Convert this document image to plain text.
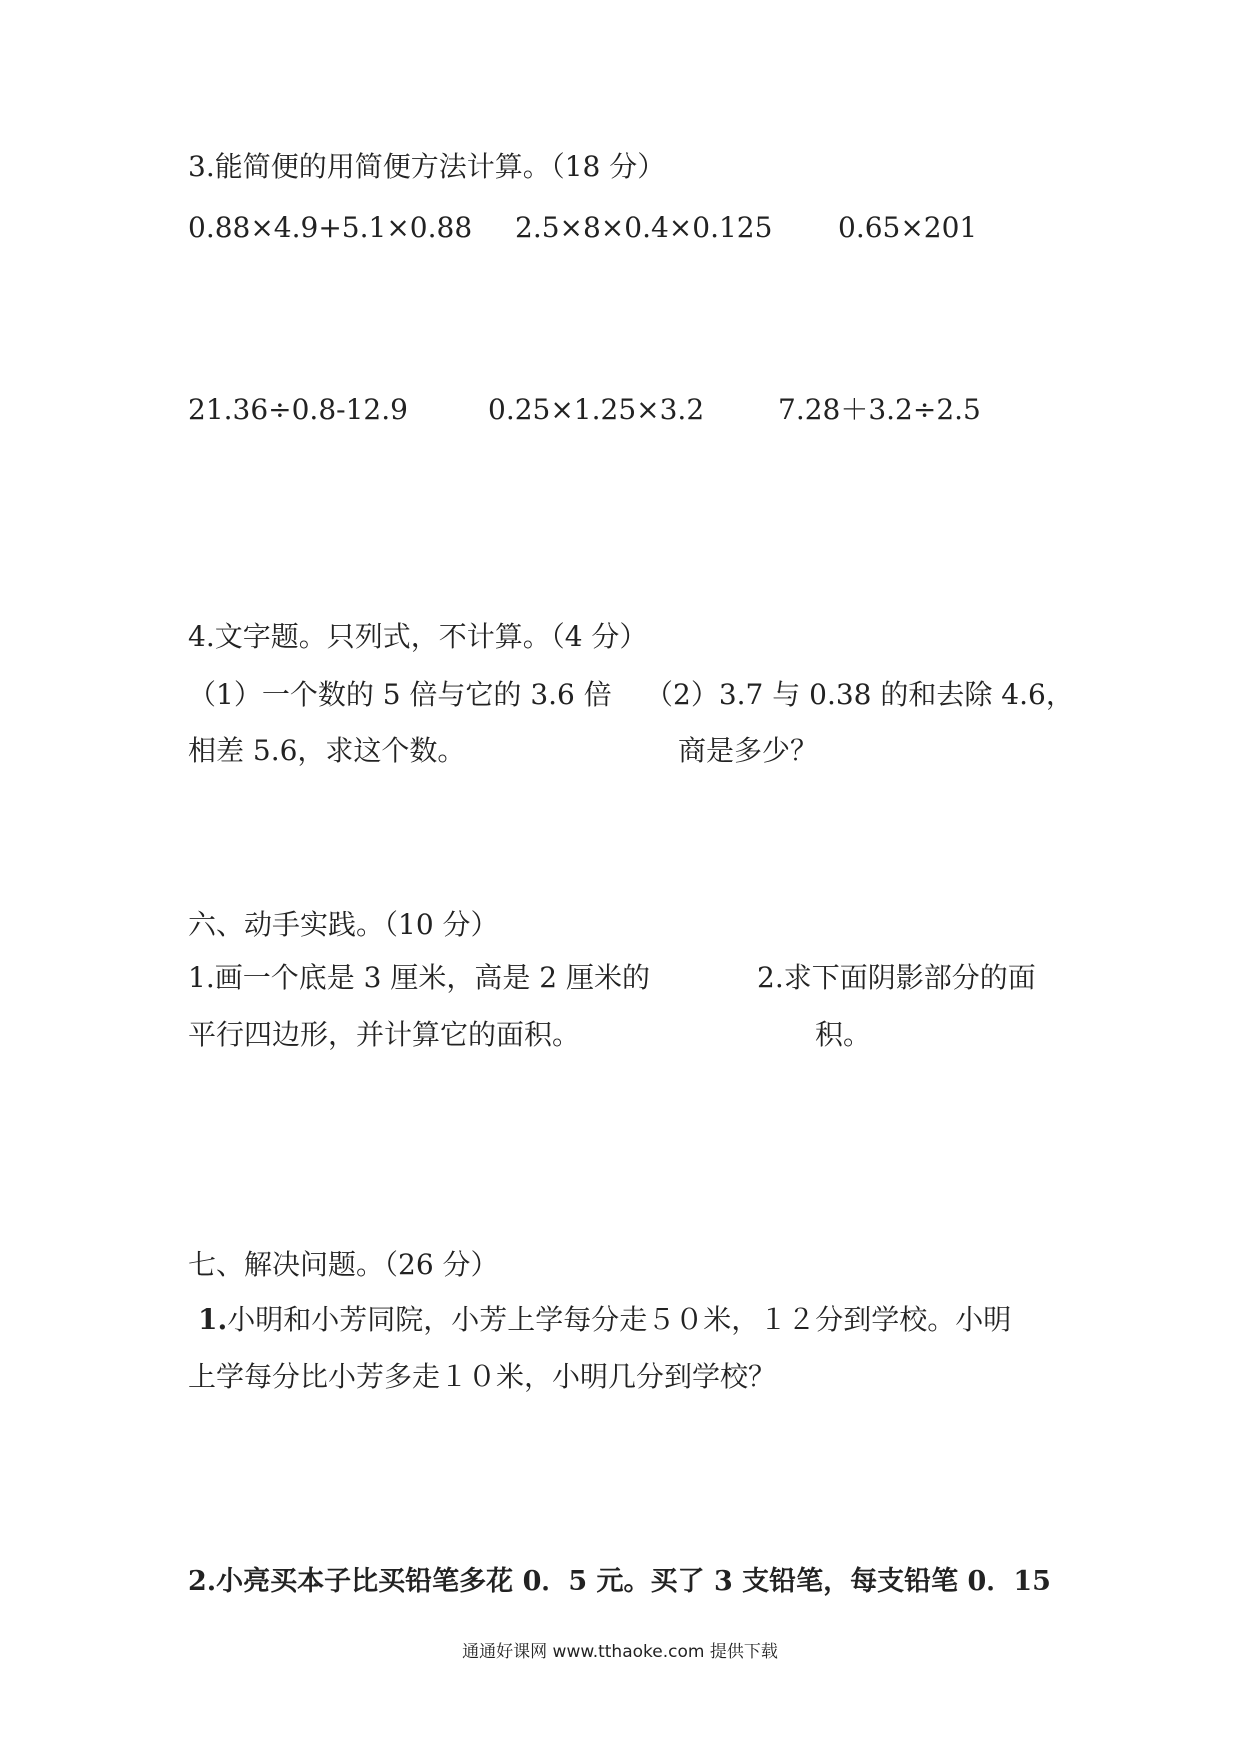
3.能简便的用简便方法计算。（18 分）
0.88×4.9+5.1×0.88 2.5×8×0.4×0.125 0.65×201
21.36÷0.8-12.9	0.25×1.25×3.2	7.28＋3.2÷2.5
4.文字题。只列式，不计算。（4 分）
（1）一个数的 5 倍与它的 3.6 倍 （2）3.7 与 0.38 的和去除 4.6，
相差 5.6，求这个数。	商是多少？
六、动手实践。（10 分）
1.画一个底是 3 厘米，高是 2 厘米的	2.求下面阴影部分的面
平行四边形，并计算它的面积。	积。
七、解决问题。（26 分）
1.小明和小芳同院，小芳上学每分走５０米，１２分到学校。小明
上学每分比小芳多走１０米，小明几分到学校？
2.小亮买本子比买铅笔多花 0．5 元。买了 3 支铅笔，每支铅笔 0．15
通通好课网 www.tthaoke.com 提供下载
